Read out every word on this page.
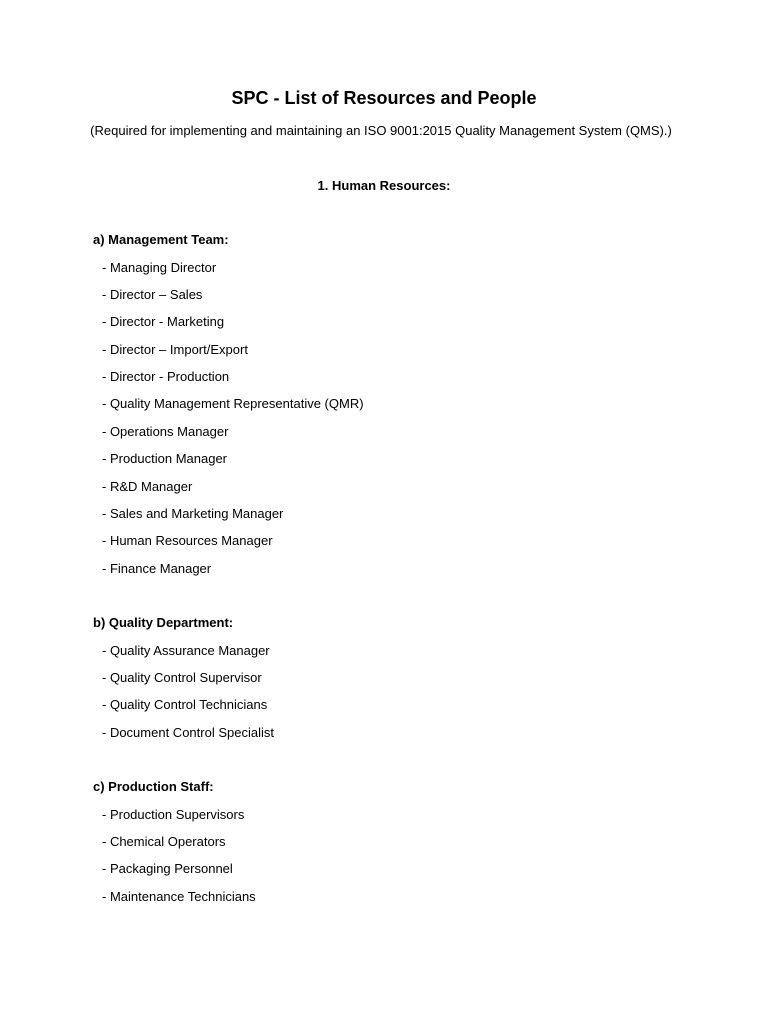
SPC - List of Resources and People
(Required for implementing and maintaining an ISO 9001:2015 Quality Management System (QMS).)
1. Human Resources:
a) Management Team:
- Managing Director
- Director – Sales
- Director - Marketing
- Director – Import/Export
- Director - Production
- Quality Management Representative (QMR)
- Operations Manager
- Production Manager
- R&D Manager
- Sales and Marketing Manager
- Human Resources Manager
- Finance Manager
b) Quality Department:
- Quality Assurance Manager
- Quality Control Supervisor
- Quality Control Technicians
- Document Control Specialist
c) Production Staff:
- Production Supervisors
- Chemical Operators
- Packaging Personnel
- Maintenance Technicians
